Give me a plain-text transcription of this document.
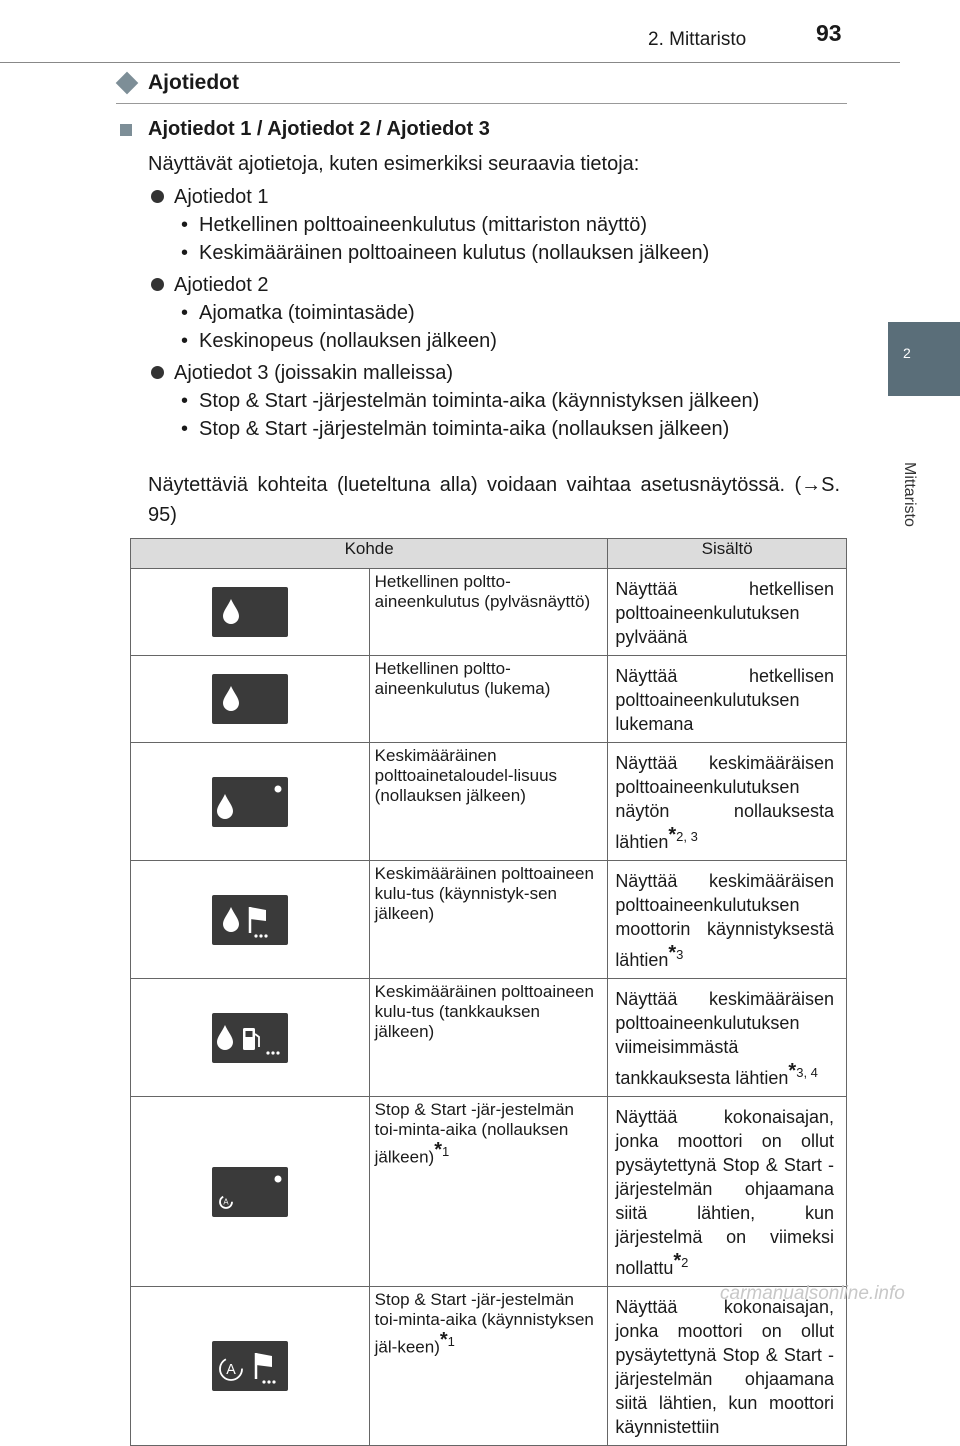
2. Mittaristo	93
2
Mittaristo
Ajotiedot
Ajotiedot 1 / Ajotiedot 2 / Ajotiedot 3
Näyttävät ajotietoja, kuten esimerkiksi seuraavia tietoja:
Ajotiedot 1
• Hetkellinen polttoaineenkulutus (mittariston näyttö)
• Keskimääräinen polttoaineen kulutus (nollauksen jälkeen)
Ajotiedot 2
• Ajomatka (toimintasäde)
• Keskinopeus (nollauksen jälkeen)
Ajotiedot 3 (joissakin malleissa)
• Stop & Start -järjestelmän toiminta-aika (käynnistyksen jälkeen)
• Stop & Start -järjestelmän toiminta-aika (nollauksen jälkeen)
Näytettäviä kohteita (lueteltuna alla) voidaan vaihtaa asetusnäytössä. (→S. 95)
Kohde		Sisältö

	Hetkellinen poltto-aineenkulutus (pylväsnäyttö)	Näyttää hetkellisen polttoaineenkulutuksen pylväänä

	Hetkellinen poltto-aineenkulutus (lukema)	Näyttää hetkellisen polttoaineenkulutuksen lukemana

	Keskimääräinen polttoainetaloudel-lisuus (nollauksen jälkeen)	Näyttää keskimääräisen polttoaineenkulutuksen näytön nollauksesta lähtien$^{*2, 3}$

	Keskimääräinen polttoaineen kulu-tus (käynnistyk-sen jälkeen)	Näyttää keskimääräisen polttoaineenkulutuksen moottorin käynnistyksestä lähtien$^{*3}$

	Keskimääräinen polttoaineen kulu-tus (tankkauksen jälkeen)	Näyttää keskimääräisen polttoaineenkulutuksen viimeisimmästä tankkauksesta lähtien$^{*3, 4}$

A	Stop & Start -jär-jestelmän toi-minta-aika (nollauksen jälkeen)$^{*1}$	Näyttää kokonaisajan, jonka moottori on ollut pysäytettynä Stop & Start -järjestelmän ohjaamana siitä lähtien, kun järjestelmä on viimeksi nollattu$^{*2}$

A	Stop & Start -jär-jestelmän toi-minta-aika (käynnistyksen jäl-keen)$^{*1}$	Näyttää kokonaisajan, jonka moottori on ollut pysäytettynä Stop & Start -järjestelmän ohjaamana siitä lähtien, kun moottori käynnistettiin
carmanualsonline.info
